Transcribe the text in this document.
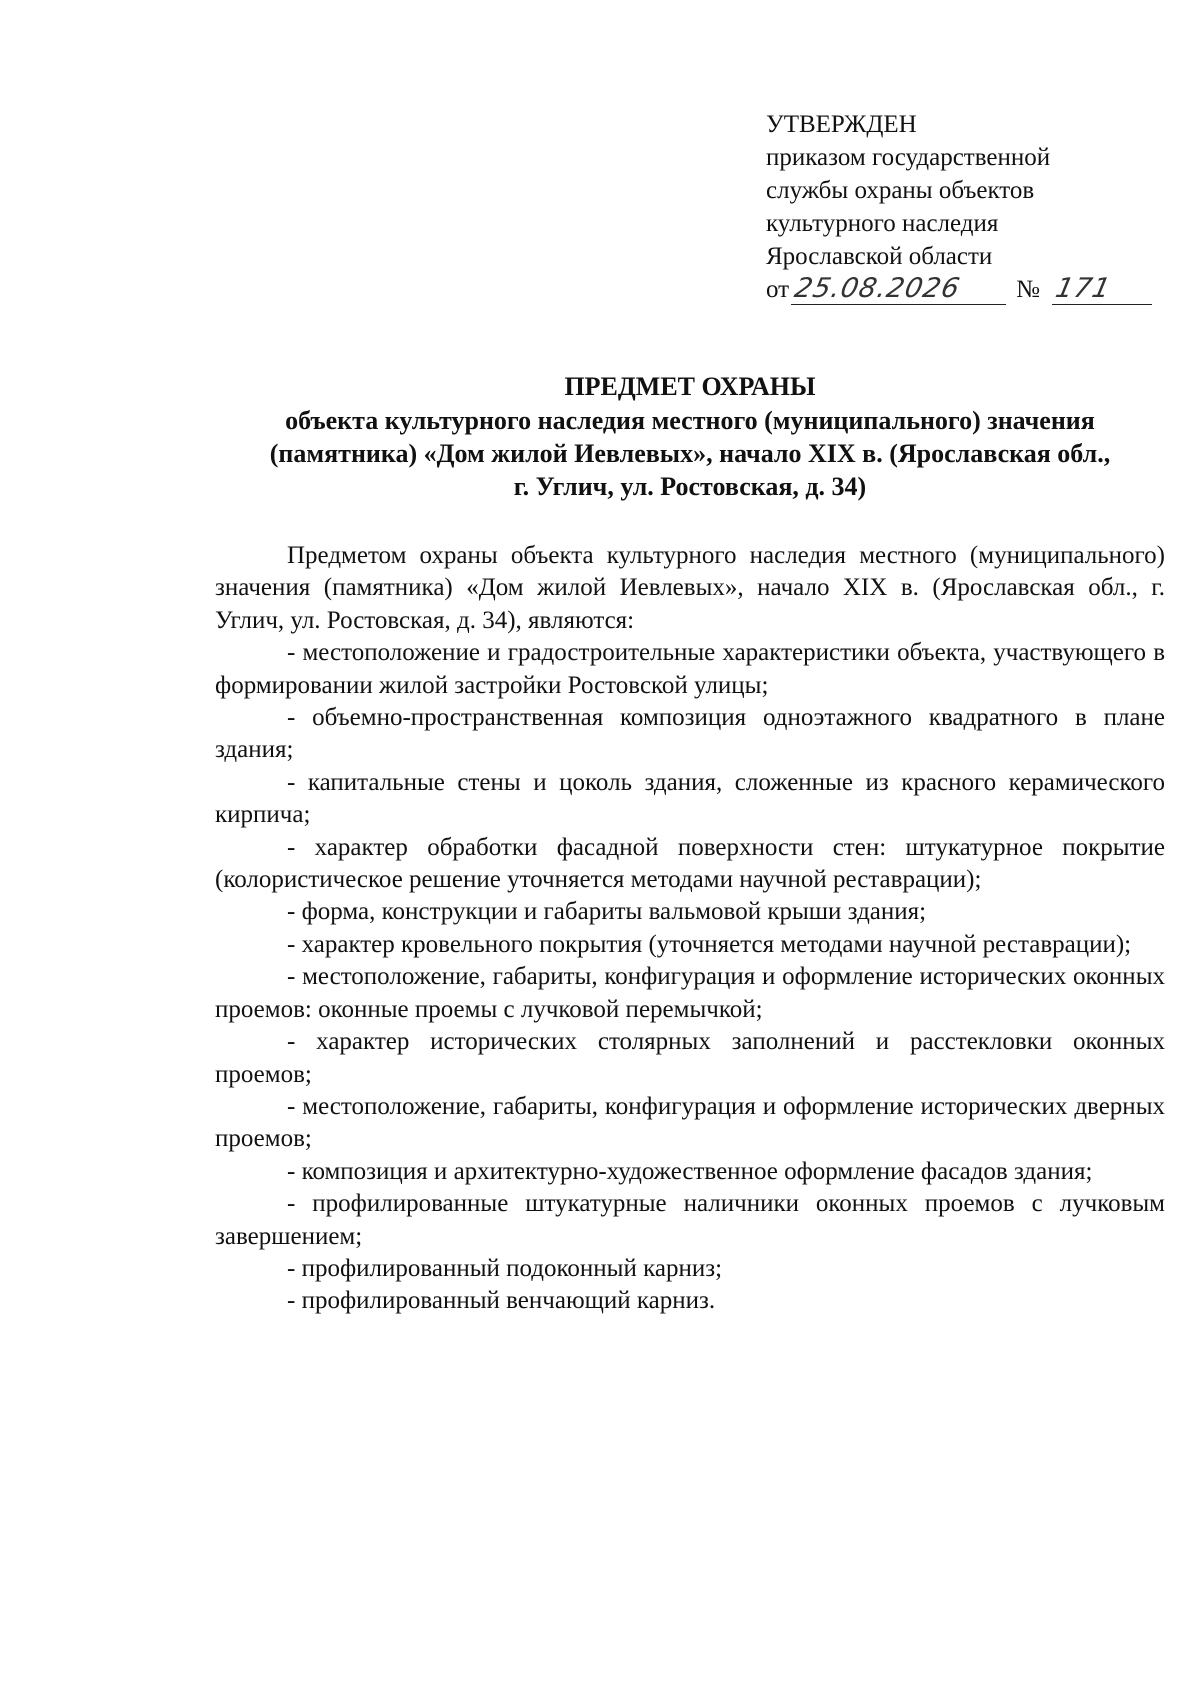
УТВЕРЖДЕН
приказом государственной
службы охраны объектов
культурного наследия
Ярославской области
от 25.08.2026	№ 171
ПРЕДМЕТ ОХРАНЫ
объекта культурного наследия местного (муниципального) значения
(памятника) «Дом жилой Иевлевых», начало XIX в. (Ярославская обл.,
г. Углич, ул. Ростовская, д. 34)

Предметом охраны объекта культурного наследия местного (муниципального) значения (памятника) «Дом жилой Иевлевых», начало XIX в. (Ярославская обл., г. Углич, ул. Ростовская, д. 34), являются:

- местоположение и градостроительные характеристики объекта, участвующего в формировании жилой застройки Ростовской улицы;

- объемно-пространственная композиция одноэтажного квадратного в плане здания;

- капитальные стены и цоколь здания, сложенные из красного керамического кирпича;

- характер обработки фасадной поверхности стен: штукатурное покрытие (колористическое решение уточняется методами научной реставрации);

- форма, конструкции и габариты вальмовой крыши здания;

- характер кровельного покрытия (уточняется методами научной реставрации);

- местоположение, габариты, конфигурация и оформление исторических оконных проемов: оконные проемы с лучковой перемычкой;

- характер исторических столярных заполнений и расстекловки оконных проемов;

- местоположение, габариты, конфигурация и оформление исторических дверных проемов;

- композиция и архитектурно-художественное оформление фасадов здания;

- профилированные штукатурные наличники оконных проемов с лучковым завершением;

- профилированный подоконный карниз;

- профилированный венчающий карниз.
